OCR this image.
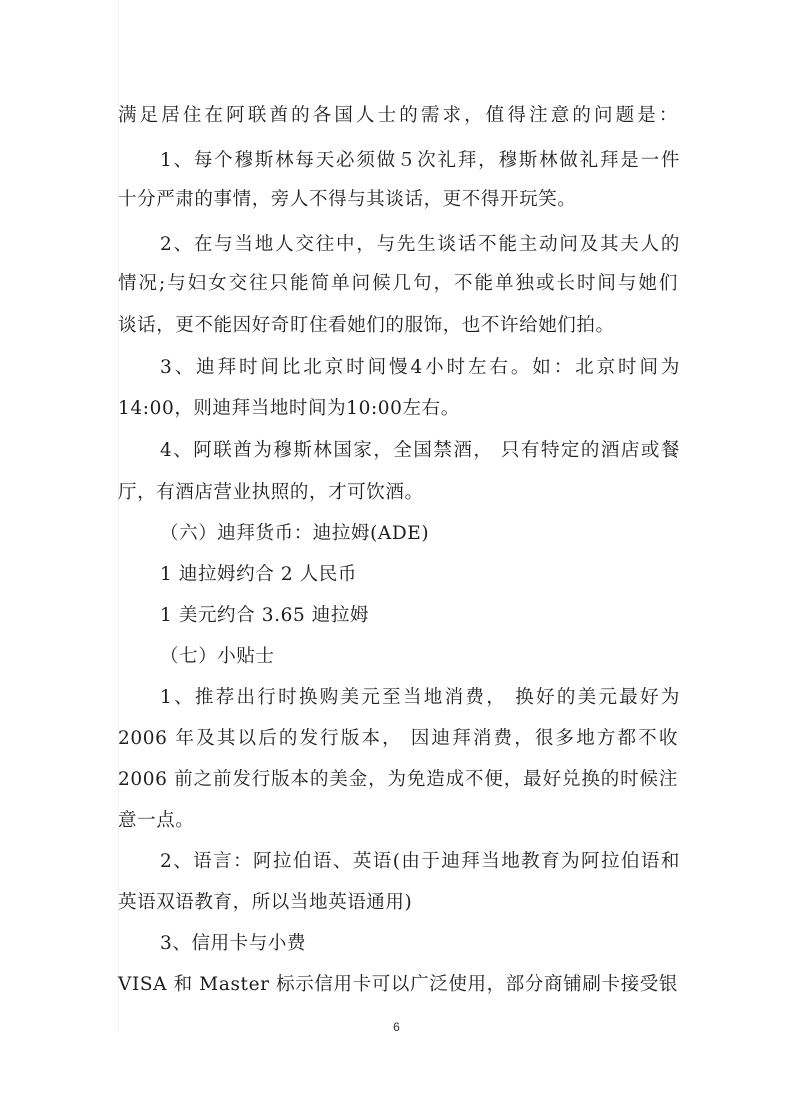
满足居住在阿联酋的各国人士的需求，值得注意的问题是：
1、每个穆斯林每天必须做５次礼拜，穆斯林做礼拜是一件
十分严肃的事情，旁人不得与其谈话，更不得开玩笑。
2、在与当地人交往中，与先生谈话不能主动问及其夫人的
情况;与妇女交往只能简单问候几句，不能单独或长时间与她们
谈话，更不能因好奇盯住看她们的服饰，也不许给她们拍。
3、迪拜时间比北京时间慢4小时左右。如：北京时间为
14:00，则迪拜当地时间为10:00左右。
4、阿联酋为穆斯林国家，全国禁酒， 只有特定的酒店或餐
厅，有酒店营业执照的，才可饮酒。
（六）迪拜货币：迪拉姆(ADE)
1 迪拉姆约合 2 人民币
1 美元约合 3.65 迪拉姆
（七）小贴士
1、推荐出行时换购美元至当地消费， 换好的美元最好为
2006 年及其以后的发行版本， 因迪拜消费，很多地方都不收
2006 前之前发行版本的美金，为免造成不便，最好兑换的时候注
意一点。
2、语言：阿拉伯语、英语(由于迪拜当地教育为阿拉伯语和
英语双语教育，所以当地英语通用)
3、信用卡与小费
VISA 和 Master 标示信用卡可以广泛使用，部分商铺刷卡接受银
6
